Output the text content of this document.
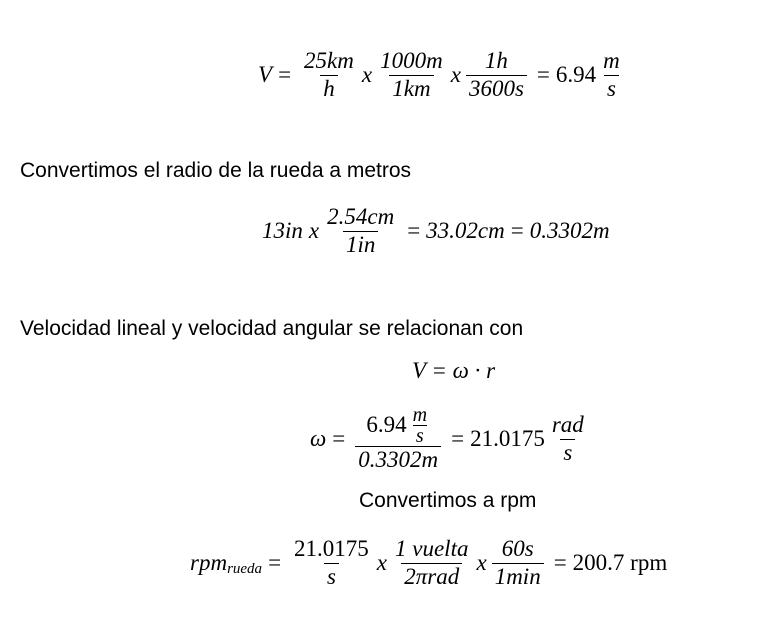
$V = \frac{25km}{h}$ x $\frac{1000m}{1km}$ x $\frac{1h}{3600s} = 6.94 \frac{m}{s}$
Convertimos el radio de la rueda a metros
13in x $\frac{2.54cm}{1in} = 33.02cm = 0.3302m$
Velocidad lineal y velocidad angular se relacionan con
V = ω · r
$\omega = \frac{6.94 \frac{m}{s}}{0.3302m} = 21.0175 \frac{\text{rad}}{s}$
Convertimos a rpm
rpm rueda = $\frac{21.0175}{s}$ x $\frac{\text{1 vuelta}}{\text{2πrad}}$ x $\frac{60s}{1\min} = 200.7$ rpm
